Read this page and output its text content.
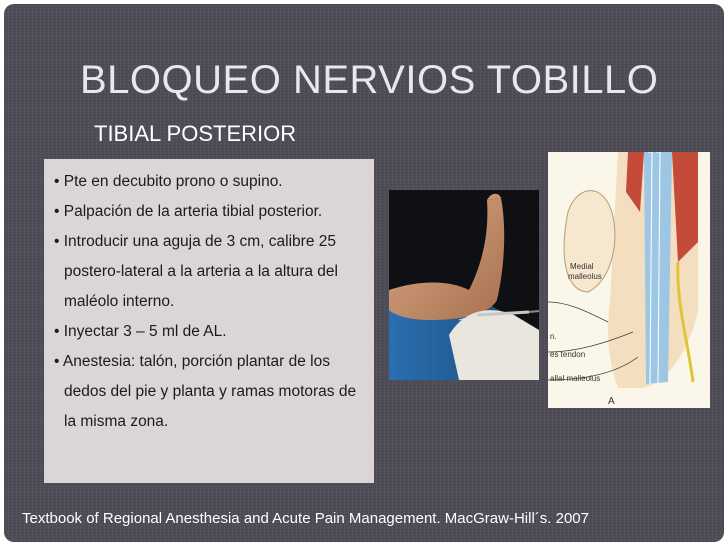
BLOQUEO NERVIOS TOBILLO
TIBIAL POSTERIOR
• Pte en decubito prono o supino.
• Palpación de la arteria tibial posterior.
• Introducir una aguja de 3 cm, calibre 25 postero-lateral a la arteria a la altura del maléolo interno.
• Inyectar 3 – 5 ml de AL.
• Anestesia: talón, porción plantar de los dedos del pie y planta y ramas motoras de la misma zona.
Medial
malleolus
n.
es tendon
allal malleolus
A
Textbook of Regional Anesthesia and Acute Pain Management. MacGraw-Hill´s. 2007
